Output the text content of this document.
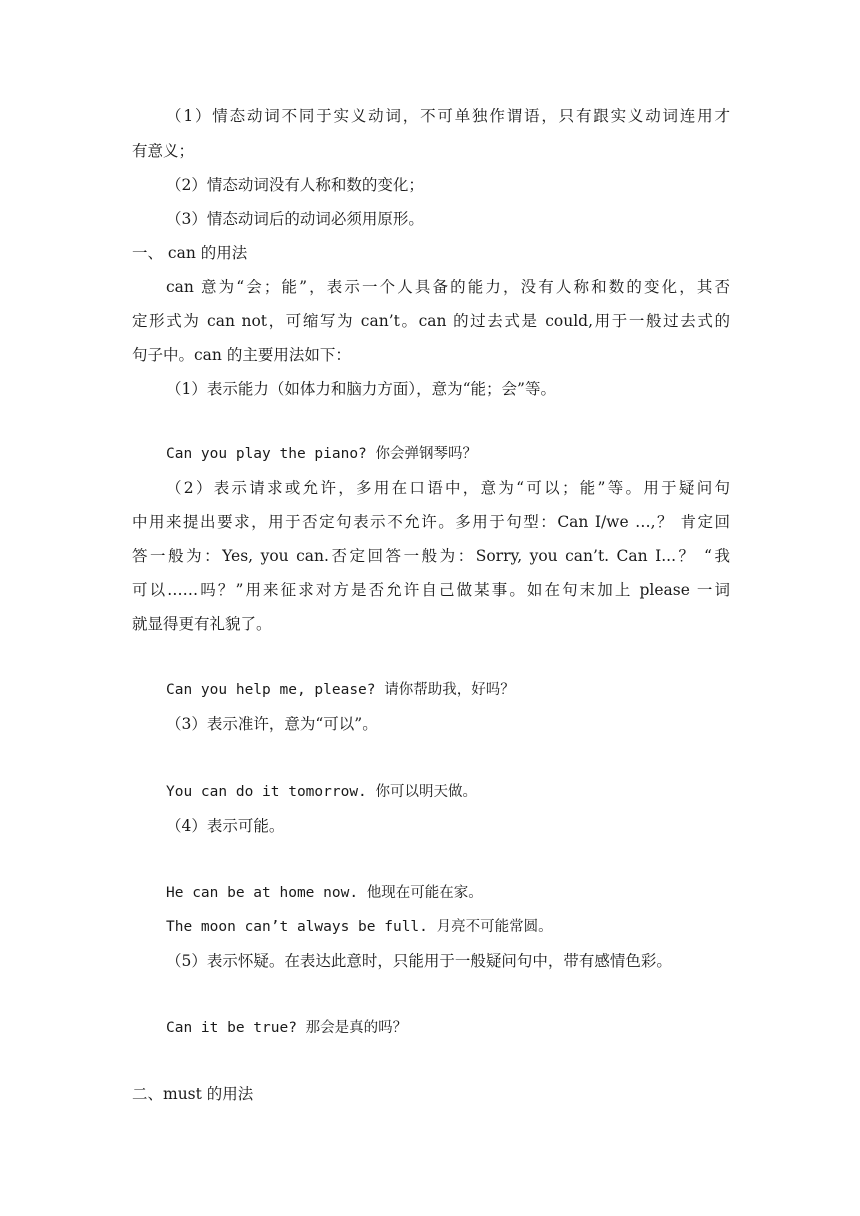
（1）情态动词不同于实义动词，不可单独作谓语，只有跟实义动词连用才
有意义；
（2）情态动词没有人称和数的变化；
（3）情态动词后的动词必须用原形。
一、 can 的用法
can 意为“会；能”，表示一个人具备的能力，没有人称和数的变化，其否
定形式为 can not，可缩写为 can’t。can 的过去式是 could,用于一般过去式的
句子中。can 的主要用法如下：
（1）表示能力（如体力和脑力方面），意为“能；会”等。
Can you play the piano? 你会弹钢琴吗？
（2）表示请求或允许，多用在口语中，意为“可以；能”等。用于疑问句
中用来提出要求，用于否定句表示不允许。多用于句型：Can I/we …,？ 肯定回
答一般为：Yes, you can.否定回答一般为：Sorry, you can’t. Can I...？ “我
可以……吗？”用来征求对方是否允许自己做某事。如在句末加上 please 一词
就显得更有礼貌了。
Can you help me, please? 请你帮助我，好吗？
（3）表示准许，意为“可以”。
You can do it tomorrow. 你可以明天做。
（4）表示可能。
He can be at home now. 他现在可能在家。
The moon can’t always be full. 月亮不可能常圆。
（5）表示怀疑。在表达此意时，只能用于一般疑问句中，带有感情色彩。
Can it be true? 那会是真的吗？
二、must 的用法
